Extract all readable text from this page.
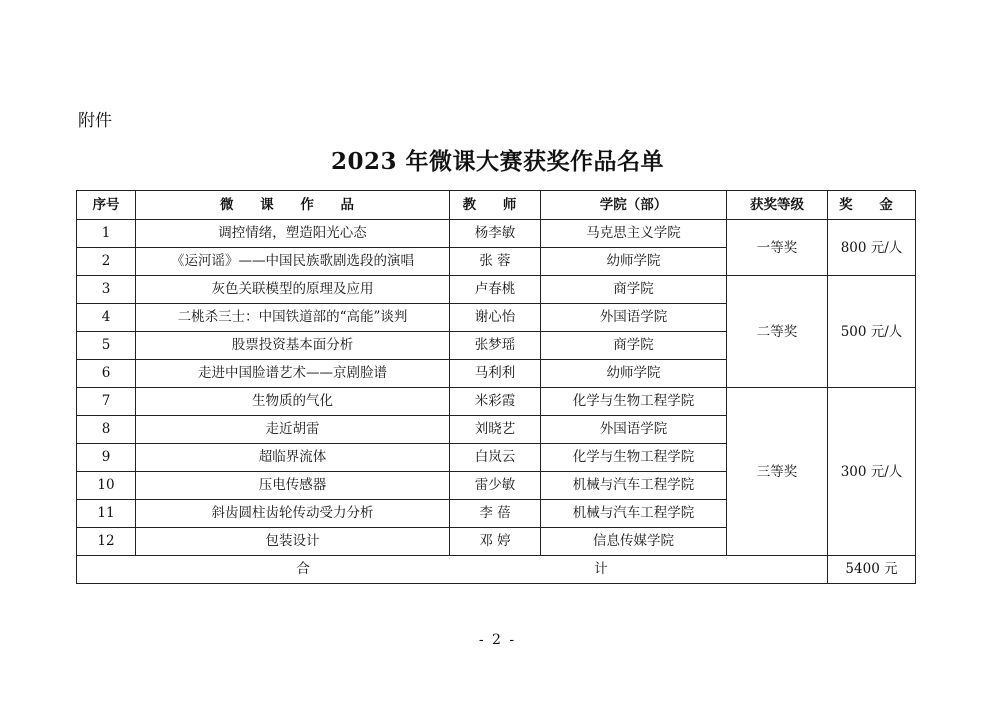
附件
2023 年微课大赛获奖作品名单
序号	微 课 作 品	教 师	学院（部）	获奖等级	奖 金
1	调控情绪，塑造阳光心态	杨李敏	马克思主义学院	一等奖	800 元/人
2	《运河谣》——中国民族歌剧选段的演唱	张 蓉	幼师学院		
3	灰色关联模型的原理及应用	卢春桃	商学院	二等奖	500 元/人
4	二桃杀三士：中国铁道部的“高能”谈判	谢心怡	外国语学院		
5	股票投资基本面分析	张梦瑶	商学院		
6	走进中国脸谱艺术——京剧脸谱	马利利	幼师学院		
7	生物质的气化	米彩霞	化学与生物工程学院	三等奖	300 元/人
8	走近胡雷	刘晓艺	外国语学院		
9	超临界流体	白岚云	化学与生物工程学院		
10	压电传感器	雷少敏	机械与汽车工程学院		
11	斜齿圆柱齿轮传动受力分析	李 蓓	机械与汽车工程学院		
12	包装设计	邓 婷	信息传媒学院		
合 计					5400 元
- 2 -
